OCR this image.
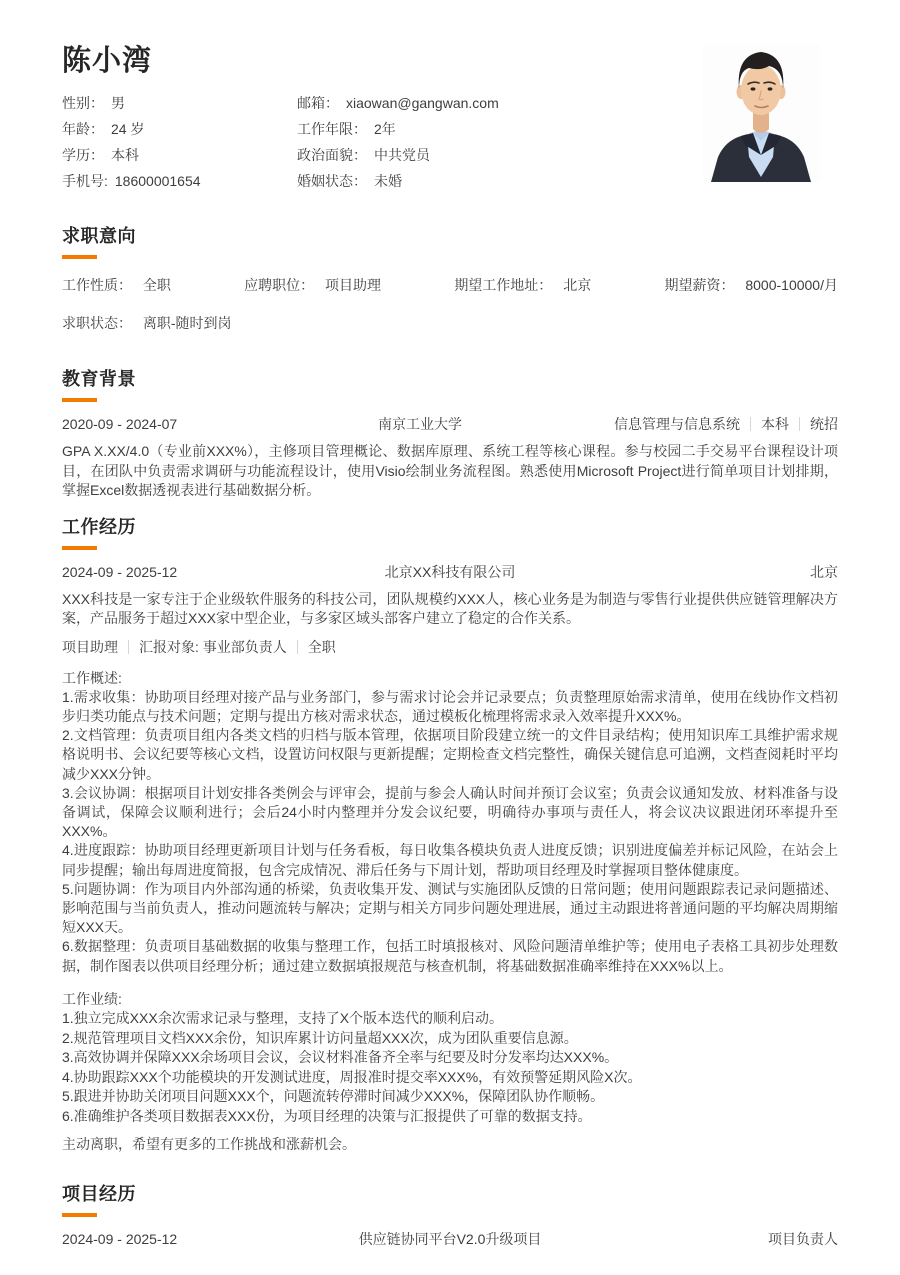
陈小湾
性别： 男	邮箱： xiaowan@gangwan.com
年龄： 24 岁	工作年限： 2年
学历： 本科	政治面貌： 中共党员
手机号: 18600001654	婚姻状态： 未婚
求职意向
工作性质： 全职	应聘职位： 项目助理	期望工作地址： 北京	期望薪资： 8000-10000/月
求职状态： 离职-随时到岗
教育背景
2020-09 - 2024-07	南京工业大学	信息管理与信息系统 本科 统招
GPA X.XX/4.0（专业前XXX%），主修项目管理概论、数据库原理、系统工程等核心课程。参与校园二手交易平台课程设计项目，在团队中负责需求调研与功能流程设计，使用Visio绘制业务流程图。熟悉使用Microsoft Project进行简单项目计划排期，掌握Excel数据透视表进行基础数据分析。
工作经历
2024-09 - 2025-12	北京XX科技有限公司	北京
XXX科技是一家专注于企业级软件服务的科技公司，团队规模约XXX人，核心业务是为制造与零售行业提供供应链管理解决方案，产品服务于超过XXX家中型企业，与多家区域头部客户建立了稳定的合作关系。
项目助理 汇报对象: 事业部负责人 全职
工作概述:
1.需求收集：协助项目经理对接产品与业务部门，参与需求讨论会并记录要点；负责整理原始需求清单，使用在线协作文档初步归类功能点与技术问题；定期与提出方核对需求状态，通过模板化梳理将需求录入效率提升XXX%。
2.文档管理：负责项目组内各类文档的归档与版本管理，依据项目阶段建立统一的文件目录结构；使用知识库工具维护需求规格说明书、会议纪要等核心文档，设置访问权限与更新提醒；定期检查文档完整性，确保关键信息可追溯，文档查阅耗时平均减少XXX分钟。
3.会议协调：根据项目计划安排各类例会与评审会，提前与参会人确认时间并预订会议室；负责会议通知发放、材料准备与设备调试，保障会议顺利进行；会后24小时内整理并分发会议纪要，明确待办事项与责任人，将会议决议跟进闭环率提升至XXX%。
4.进度跟踪：协助项目经理更新项目计划与任务看板，每日收集各模块负责人进度反馈；识别进度偏差并标记风险，在站会上同步提醒；输出每周进度简报，包含完成情况、滞后任务与下周计划，帮助项目经理及时掌握项目整体健康度。
5.问题协调：作为项目内外部沟通的桥梁，负责收集开发、测试与实施团队反馈的日常问题；使用问题跟踪表记录问题描述、影响范围与当前负责人，推动问题流转与解决；定期与相关方同步问题处理进展，通过主动跟进将普通问题的平均解决周期缩短XXX天。
6.数据整理：负责项目基础数据的收集与整理工作，包括工时填报核对、风险问题清单维护等；使用电子表格工具初步处理数据，制作图表以供项目经理分析；通过建立数据填报规范与核查机制，将基础数据准确率维持在XXX%以上。
工作业绩:
1.独立完成XXX余次需求记录与整理，支持了X个版本迭代的顺利启动。
2.规范管理项目文档XXX余份，知识库累计访问量超XXX次，成为团队重要信息源。
3.高效协调并保障XXX余场项目会议，会议材料准备齐全率与纪要及时分发率均达XXX%。
4.协助跟踪XXX个功能模块的开发测试进度，周报准时提交率XXX%，有效预警延期风险X次。
5.跟进并协助关闭项目问题XXX个，问题流转停滞时间减少XXX%，保障团队协作顺畅。
6.准确维护各类项目数据表XXX份，为项目经理的决策与汇报提供了可靠的数据支持。
主动离职，希望有更多的工作挑战和涨薪机会。
项目经历
2024-09 - 2025-12	供应链协同平台V2.0升级项目	项目负责人
